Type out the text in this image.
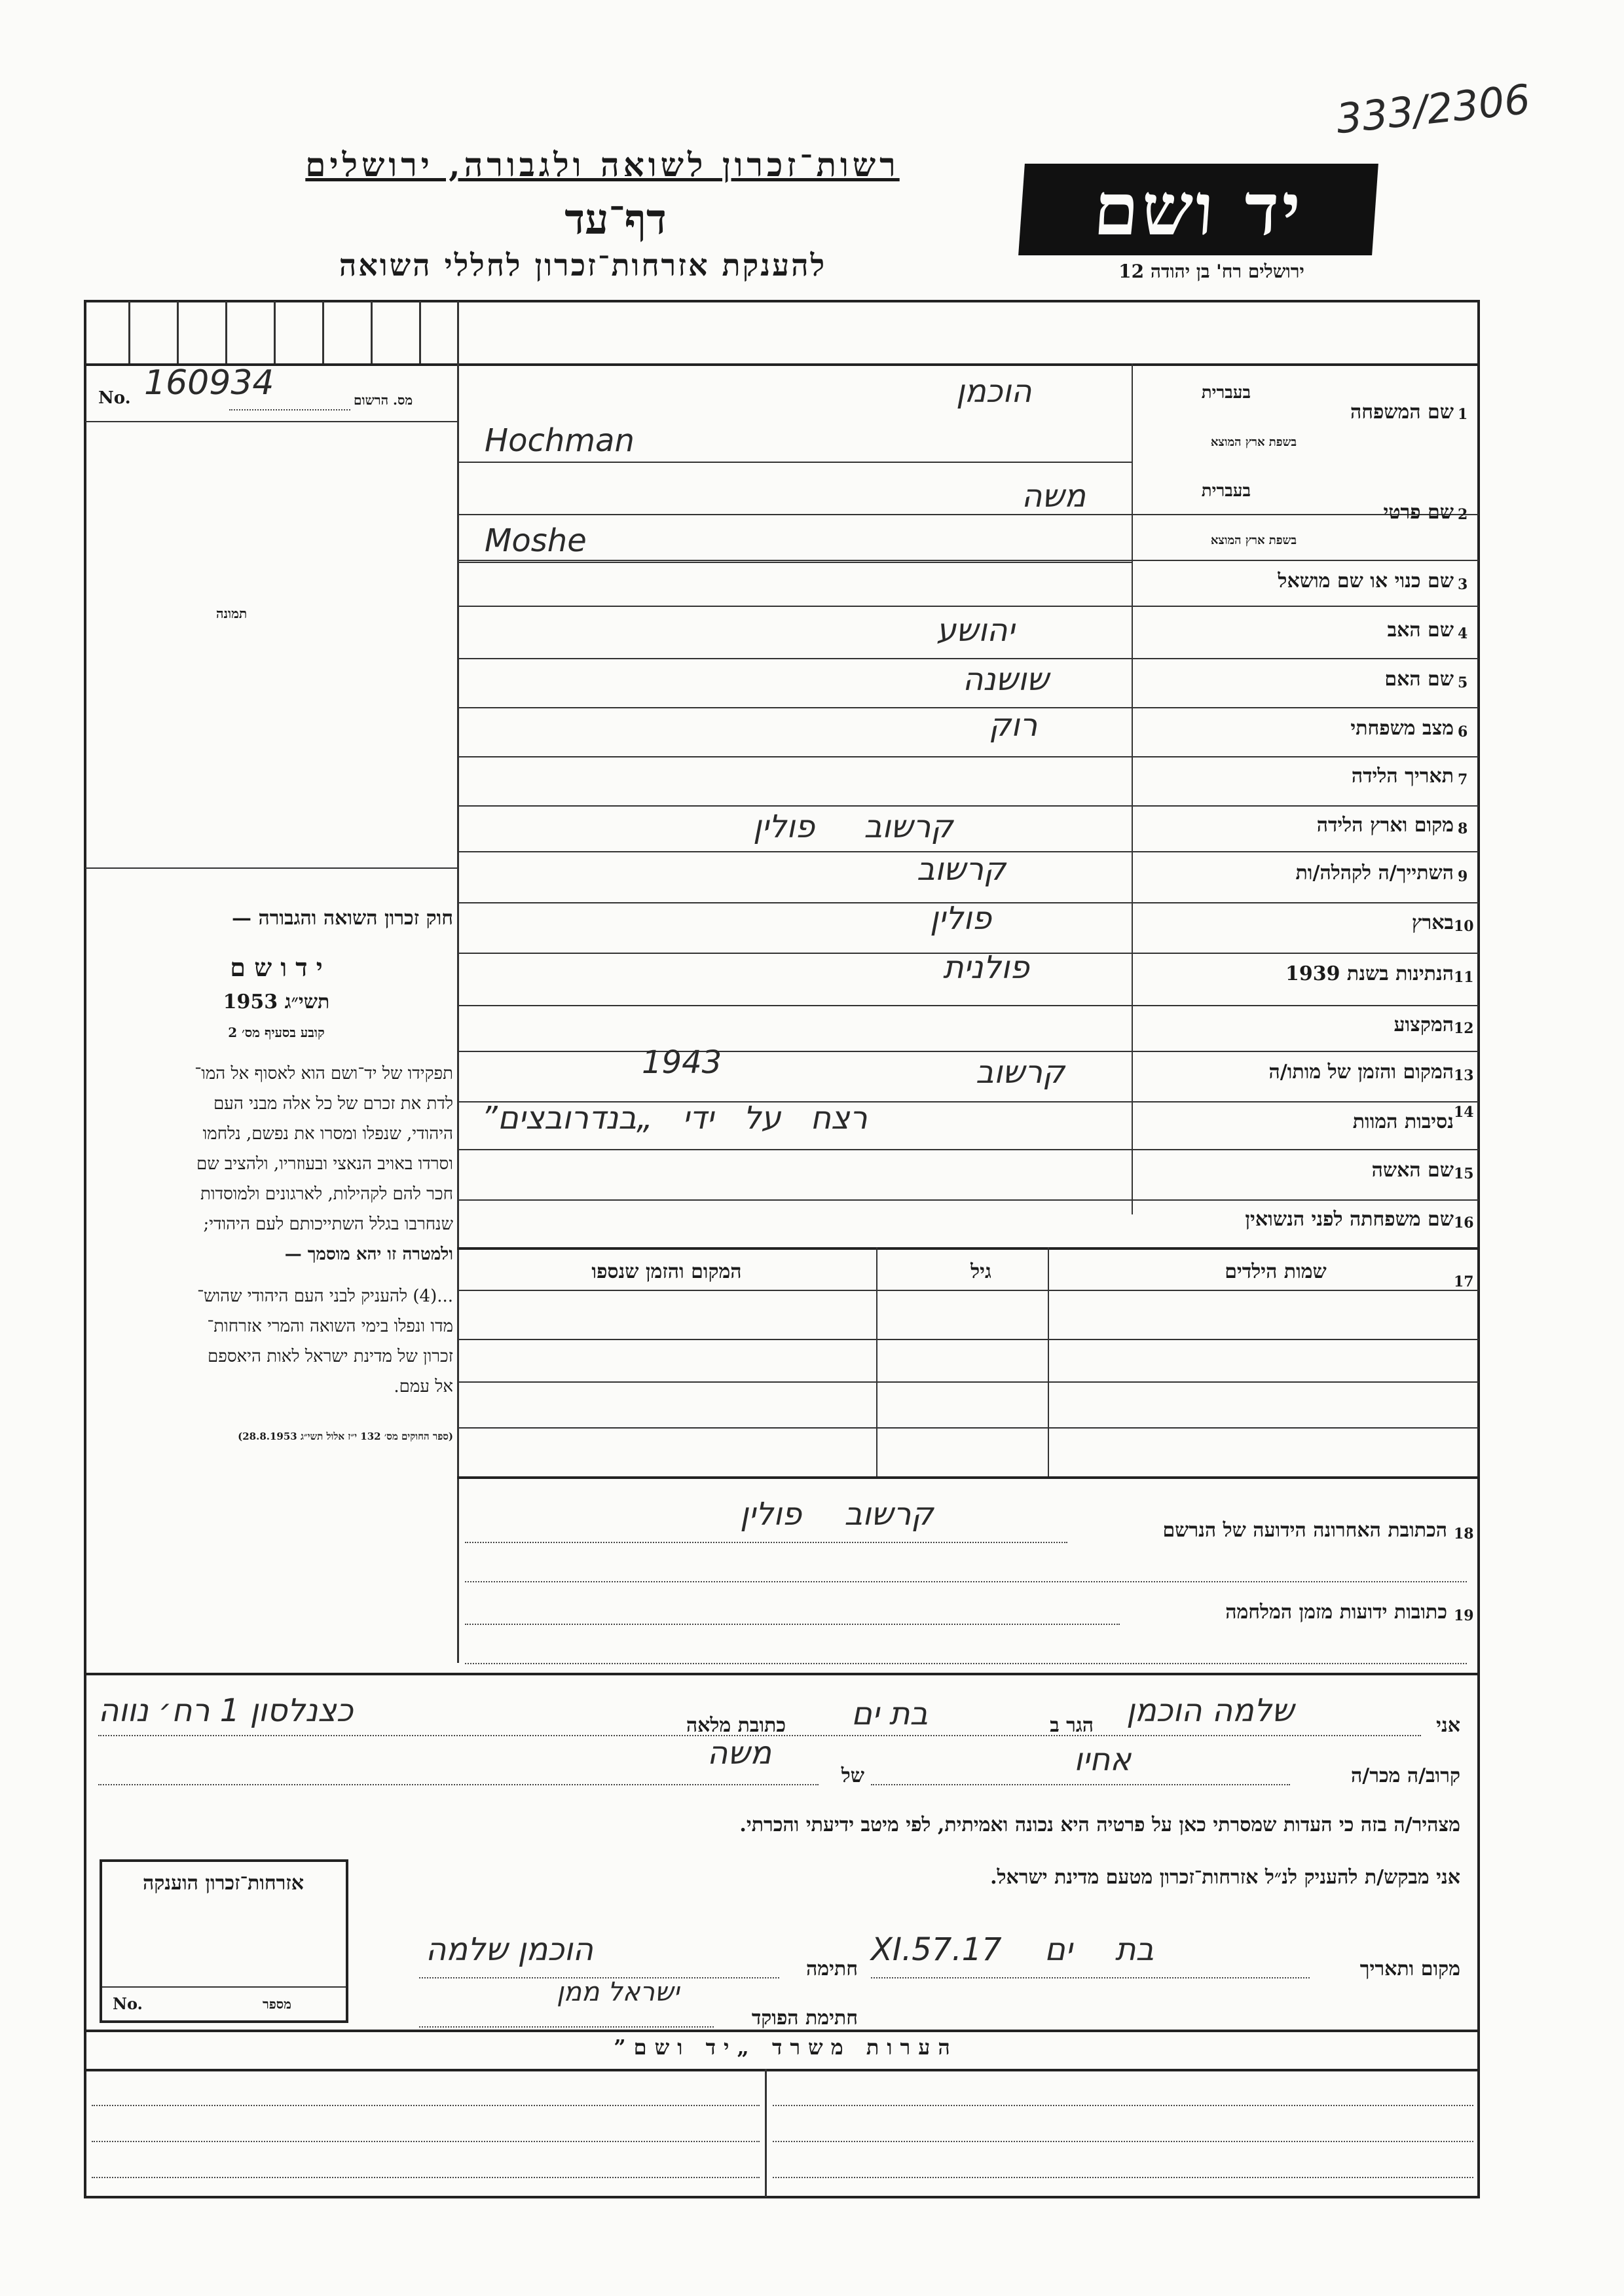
333/2306
רשות־זכרון לשואה ולגבורה, ירושלים
דף־עד
להענקת אזרחות־זכרון לחללי השואה
יד ושם
ירושלים רח' בן יהודה 12
No. 160934	מס. הרשום
תמונה
שם המשפחה 1
בעברית
בשפת ארץ המוצא
הוכמן
Hochman
שם פרטי 2
בעברית
בשפת ארץ המוצא
משה
Moshe
שם כנוי או שם מושאל 3
שם האב 4
יהושע
שם האם 5
שושנה
מצב משפחתי 6
רוק
תאריך הלידה 7
מקום וארץ הלידה 8
קרשוב פולין
השתייך/ה לקהלה/ות 9
קרשוב
בארץ 10
פולין
הנתינות בשנת 1939 11
פולנית
המקצוע 12
המקום והזמן של מותו/ה 13
קרשוב
1943
נסיבות המוות 14
רצח על ידי „בנדרובצים”
שם האשה 15
שם משפחתה לפני הנשואין 16
17
שמות הילדים
גיל
המקום והזמן שנספו
חוק זכרון השואה והגבורה —
י ד ו ש ם
תשי״ג 1953
קובע בסעיף מס׳ 2
תפקידו של יד־ושם הוא לאסוף אל המו־
לדת את זכרם של כל אלה מבני העם
היהודי, שנפלו ומסרו את נפשם, נלחמו
וסרדו באויב הנאצי ובעוזריו, ולהציב שם
חכר להם לקהילות, לארגונים ולמוסדות
שנחרבו בגלל השתייכותם לעם היהודי;
ולמטרה זו יהא מוסמך —
...(4) להעניק לבני העם היהודי שהוש־
מדו ונפלו בימי השואה והמרי אזרחות־
זכרון של מדינת ישראל לאות היאספם
אל עמם.
(ספר החוקים מס׳ 132 י״ז אלול תשי״ג 28.8.1953)
18
הכתובת האחרונה הידועה של הנרשם
קרשוב פולין
19
כתובות ידועות מזמן המלחמה
אני
שלמה הוכמן
הגר ב
בת ים
כתובת מלאה
כצנלסון 1 רח׳ נווה
קרוב/ה מכר/ה
אחיו
של
משה
מצהיר/ה בזה כי העדות שמסרתי כאן על פרטיה היא נכונה ואמיתית, לפי מיטב ידיעתי והכרתי.
אני מבקש/ת להעניק לנ״ל אזרחות־זכרון מטעם מדינת ישראל.
מקום ותאריך
בת ים 17.XI.57
חתימה
הוכמן שלמה
חתימת הפוקד
ישראל ממן
אזרחות־זכרון הוענקה
מספר
No.
הערות משרד „יד ושם”
